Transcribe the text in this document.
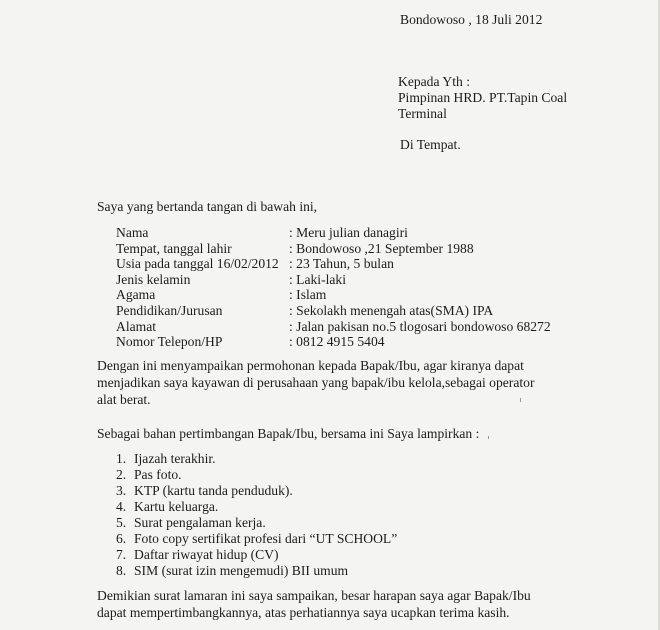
Bondowoso , 18 Juli 2012
Kepada Yth :
Pimpinan HRD. PT.Tapin Coal
Terminal
Di Tempat.
Saya yang bertanda tangan di bawah ini,
Nama	: Meru julian danagiri
Tempat, tanggal lahir	: Bondowoso ,21 September 1988
Usia pada tanggal 16/02/2012 : 23 Tahun, 5 bulan
Jenis kelamin	: Laki-laki
Agama	: Islam
Pendidikan/Jurusan	: Sekolakh menengah atas(SMA) IPA
Alamat	: Jalan pakisan no.5 tlogosari bondowoso 68272
Nomor Telepon/HP	: 0812 4915 5404
Dengan ini menyampaikan permohonan kepada Bapak/Ibu, agar kiranya dapat menjadikan saya kayawan di perusahaan yang bapak/ibu kelola,sebagai operator alat berat.
Sebagai bahan pertimbangan Bapak/Ibu, bersama ini Saya lampirkan :
1. Ijazah terakhir.
2. Pas foto.
3. KTP (kartu tanda penduduk).
4. Kartu keluarga.
5. Surat pengalaman kerja.
6. Foto copy sertifikat profesi dari “UT SCHOOL”
7. Daftar riwayat hidup (CV)
8. SIM (surat izin mengemudi) BII umum
Demikian surat lamaran ini saya sampaikan, besar harapan saya agar Bapak/Ibu dapat mempertimbangkannya, atas perhatiannya saya ucapkan terima kasih.
